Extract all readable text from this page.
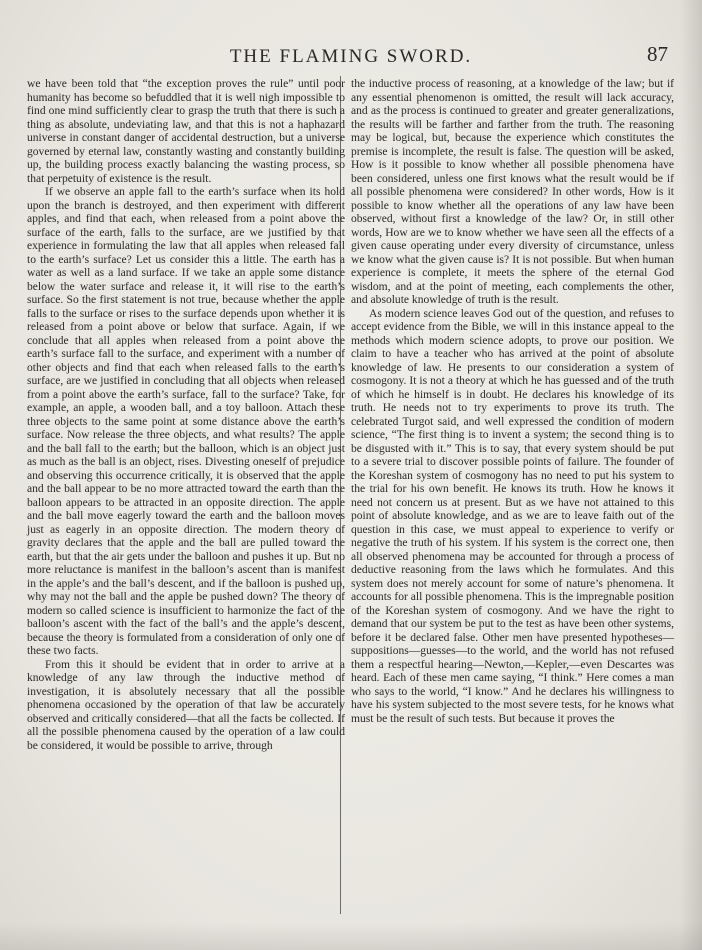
THE FLAMING SWORD.	87

we have been told that “the exception proves the rule” until poor humanity has become so befuddled that it is well nigh impossible to find one mind sufficiently clear to grasp the truth that there is such a thing as absolute, undeviating law, and that this is not a haphazard universe in constant danger of accidental destruction, but a universe governed by eternal law, constantly wasting and constantly building up, the building process exactly balancing the wasting process, so that perpetuity of existence is the result.

If we observe an apple fall to the earth’s surface when its hold upon the branch is destroyed, and then experiment with different apples, and find that each, when released from a point above the surface of the earth, falls to the surface, are we justified by that experience in formulating the law that all apples when released fall to the earth’s surface? Let us consider this a little. The earth has a water as well as a land surface. If we take an apple some distance below the water surface and release it, it will rise to the earth’s surface. So the first statement is not true, because whether the apple falls to the surface or rises to the surface depends upon whether it is released from a point above or below that surface. Again, if we conclude that all apples when released from a point above the earth’s surface fall to the surface, and experiment with a number of other objects and find that each when released falls to the earth’s surface, are we justified in concluding that all objects when released from a point above the earth’s surface, fall to the surface? Take, for example, an apple, a wooden ball, and a toy balloon. Attach these three objects to the same point at some distance above the earth’s surface. Now release the three objects, and what results? The apple and the ball fall to the earth; but the balloon, which is an object just as much as the ball is an object, rises. Divesting oneself of prejudice and observing this occurrence critically, it is observed that the apple and the ball appear to be no more attracted toward the earth than the balloon appears to be attracted in an opposite direction. The apple and the ball move eagerly toward the earth and the balloon moves just as eagerly in an opposite direction. The modern theory of gravity declares that the apple and the ball are pulled toward the earth, but that the air gets under the balloon and pushes it up. But no more reluctance is manifest in the balloon’s ascent than is manifest in the apple’s and the ball’s descent, and if the balloon is pushed up, why may not the ball and the apple be pushed down? The theory of modern so called science is insufficient to harmonize the fact of the balloon’s ascent with the fact of the ball’s and the apple’s descent, because the theory is formulated from a consideration of only one of these two facts.

From this it should be evident that in order to arrive at a knowledge of any law through the inductive method of investigation, it is absolutely necessary that all the possible phenomena occasioned by the operation of that law be accurately observed and critically considered—that all the facts be collected. If all the possible phenomena caused by the operation of a law could be considered, it would be possible to arrive, through

the inductive process of reasoning, at a knowledge of the law; but if any essential phenomenon is omitted, the result will lack accuracy, and as the process is continued to greater and greater generalizations, the results will be farther and farther from the truth. The reasoning may be logical, but, because the experience which constitutes the premise is incomplete, the result is false. The question will be asked, How is it possible to know whether all possible phenomena have been considered, unless one first knows what the result would be if all possible phenomena were considered? In other words, How is it possible to know whether all the operations of any law have been observed, without first a knowledge of the law? Or, in still other words, How are we to know whether we have seen all the effects of a given cause operating under every diversity of circumstance, unless we know what the given cause is? It is not possible. But when human experience is complete, it meets the sphere of the eternal God wisdom, and at the point of meeting, each complements the other, and absolute knowledge of truth is the result.

As modern science leaves God out of the question, and refuses to accept evidence from the Bible, we will in this instance appeal to the methods which modern science adopts, to prove our position. We claim to have a teacher who has arrived at the point of absolute knowledge of law. He presents to our consideration a system of cosmogony. It is not a theory at which he has guessed and of the truth of which he himself is in doubt. He declares his knowledge of its truth. He needs not to try experiments to prove its truth. The celebrated Turgot said, and well expressed the condition of modern science, “The first thing is to invent a system; the second thing is to be disgusted with it.” This is to say, that every system should be put to a severe trial to discover possible points of failure. The founder of the Koreshan system of cosmogony has no need to put his system to the trial for his own benefit. He knows its truth. How he knows it need not concern us at present. But as we have not attained to this point of absolute knowledge, and as we are to leave faith out of the question in this case, we must appeal to experience to verify or negative the truth of his system. If his system is the correct one, then all observed phenomena may be accounted for through a process of deductive reasoning from the laws which he formulates. And this system does not merely account for some of nature’s phenomena. It accounts for all possible phenomena. This is the impregnable position of the Koreshan system of cosmogony. And we have the right to demand that our system be put to the test as have been other systems, before it be declared false. Other men have presented hypotheses—suppositions—guesses—to the world, and the world has not refused them a respectful hearing—Newton,—Kepler,—even Descartes was heard. Each of these men came saying, “I think.” Here comes a man who says to the world, “I know.” And he declares his willingness to have his system subjected to the most severe tests, for he knows what must be the result of such tests. But because it proves the
